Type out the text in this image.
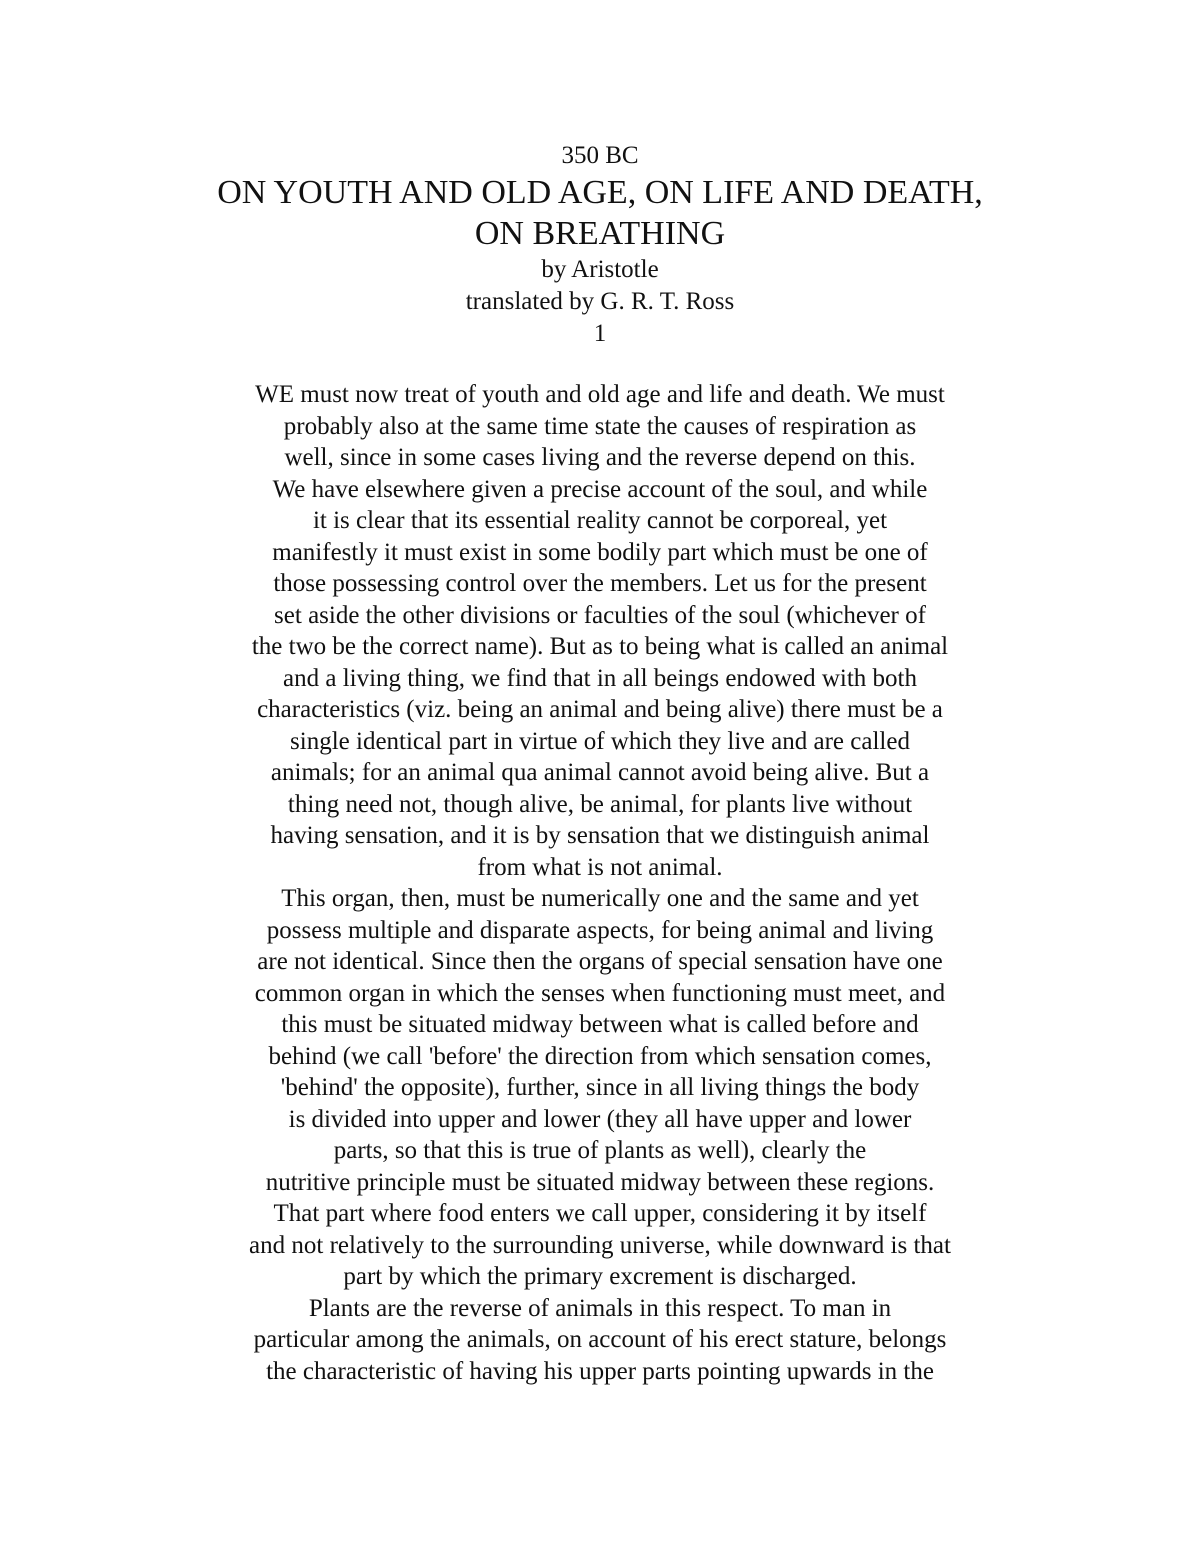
350 BC
ON YOUTH AND OLD AGE, ON LIFE AND DEATH,
ON BREATHING
by Aristotle
translated by G. R. T. Ross
1
WE must now treat of youth and old age and life and death. We must
probably also at the same time state the causes of respiration as
well, since in some cases living and the reverse depend on this.
We have elsewhere given a precise account of the soul, and while
it is clear that its essential reality cannot be corporeal, yet
manifestly it must exist in some bodily part which must be one of
those possessing control over the members. Let us for the present
set aside the other divisions or faculties of the soul (whichever of
the two be the correct name). But as to being what is called an animal
and a living thing, we find that in all beings endowed with both
characteristics (viz. being an animal and being alive) there must be a
single identical part in virtue of which they live and are called
animals; for an animal qua animal cannot avoid being alive. But a
thing need not, though alive, be animal, for plants live without
having sensation, and it is by sensation that we distinguish animal
from what is not animal.
This organ, then, must be numerically one and the same and yet
possess multiple and disparate aspects, for being animal and living
are not identical. Since then the organs of special sensation have one
common organ in which the senses when functioning must meet, and
this must be situated midway between what is called before and
behind (we call 'before' the direction from which sensation comes,
'behind' the opposite), further, since in all living things the body
is divided into upper and lower (they all have upper and lower
parts, so that this is true of plants as well), clearly the
nutritive principle must be situated midway between these regions.
That part where food enters we call upper, considering it by itself
and not relatively to the surrounding universe, while downward is that
part by which the primary excrement is discharged.
Plants are the reverse of animals in this respect. To man in
particular among the animals, on account of his erect stature, belongs
the characteristic of having his upper parts pointing upwards in the
